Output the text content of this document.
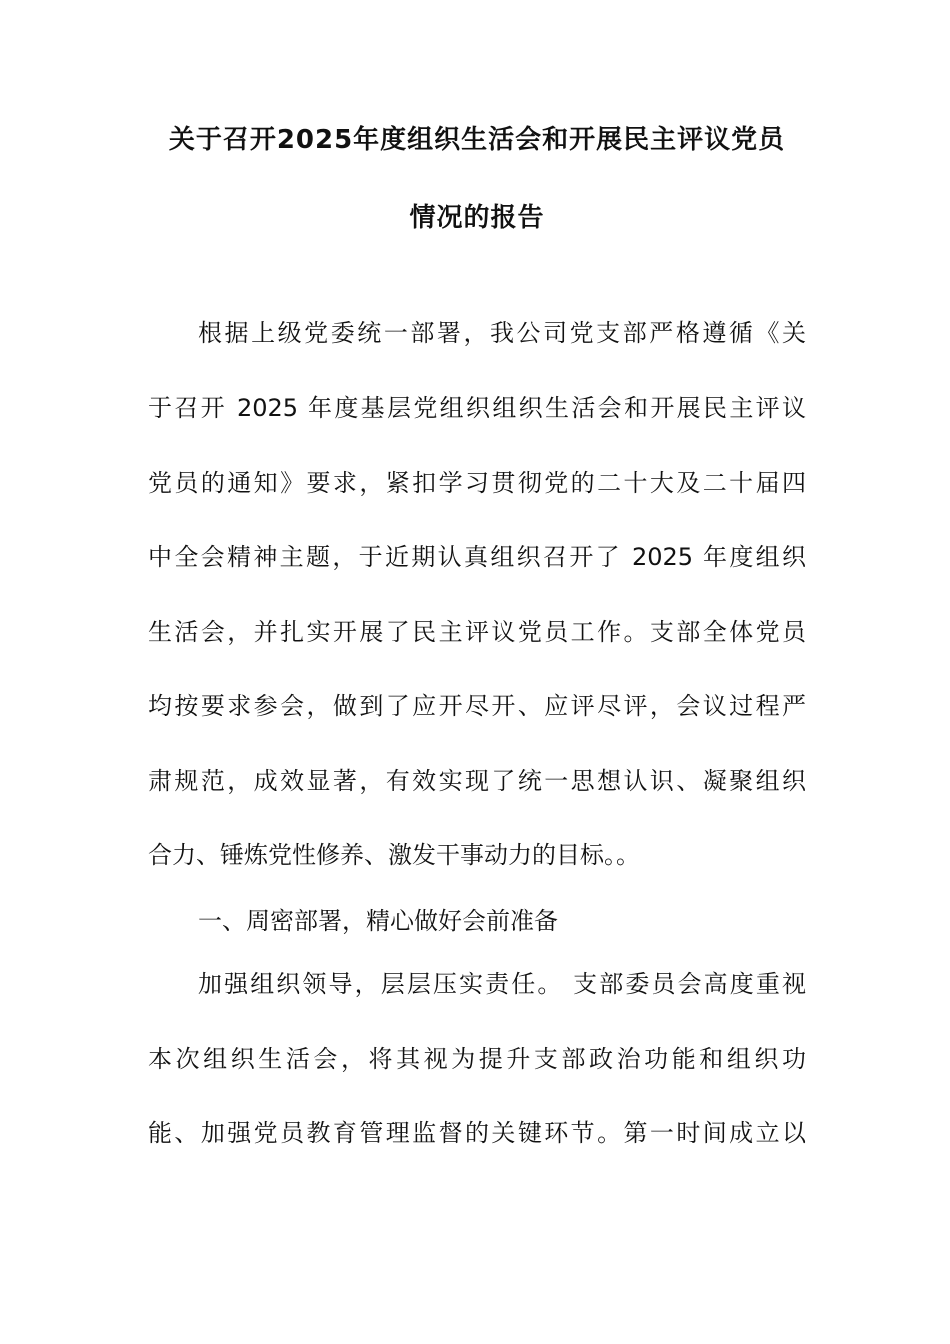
关于召开2025年度组织生活会和开展民主评议党员
情况的报告
根据上级党委统一部署，我公司党支部严格遵循《关
于召开 2025 年度基层党组织组织生活会和开展民主评议
党员的通知》要求，紧扣学习贯彻党的二十大及二十届四
中全会精神主题，于近期认真组织召开了 2025 年度组织
生活会，并扎实开展了民主评议党员工作。支部全体党员
均按要求参会，做到了应开尽开、应评尽评，会议过程严
肃规范，成效显著，有效实现了统一思想认识、凝聚组织
合力、锤炼党性修养、激发干事动力的目标。。
一、周密部署，精心做好会前准备
加强组织领导，层层压实责任。 支部委员会高度重视
本次组织生活会，将其视为提升支部政治功能和组织功
能、加强党员教育管理监督的关键环节。第一时间成立以
